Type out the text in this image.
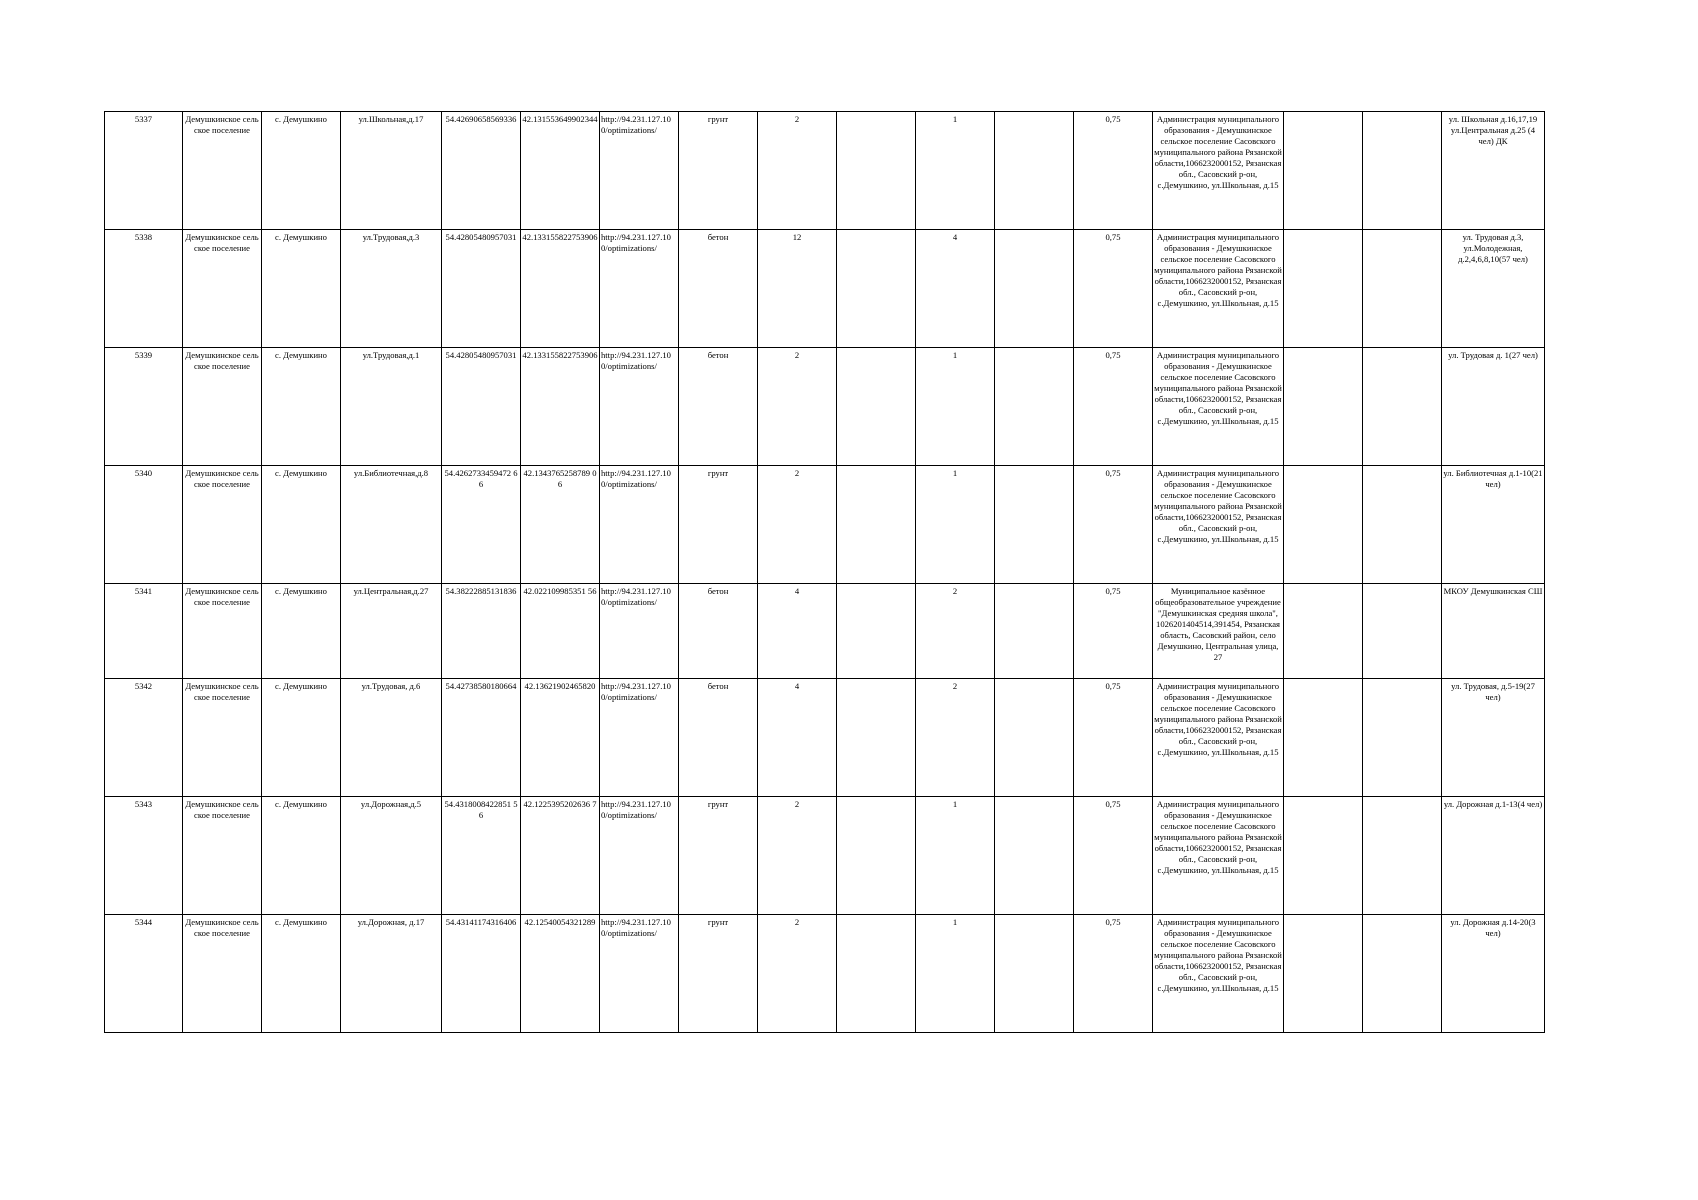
5337	Демушкинское сельское поселение	с. Демушкино	ул.Школьная,д.17	54.42690658569336	42.131553649902344	http://94.231.127.100/optimizations/	грунт	2		1		0,75	Администрация муниципального образования - Демушкинское сельское поселение Сасовского муниципального района Рязанской области,1066232000152, Рязанская обл., Сасовский р-он, с.Демушкино, ул.Школьная, д.15			ул. Школьная д.16,17,19 ул.Центральная д.25 (4 чел) ДК
5338	Демушкинское сельское поселение	с. Демушкино	ул.Трудовая,д.3	54.42805480957031	42.133155822753906	http://94.231.127.100/optimizations/	бетон	12		4		0,75	Администрация муниципального образования - Демушкинское сельское поселение Сасовского муниципального района Рязанской области,1066232000152, Рязанская обл., Сасовский р-он, с.Демушкино, ул.Школьная, д.15			ул. Трудовая д.3, ул.Молодежная, д.2,4,6,8,10(57 чел)
5339	Демушкинское сельское поселение	с. Демушкино	ул.Трудовая,д.1	54.42805480957031	42.133155822753906	http://94.231.127.100/optimizations/	бетон	2		1		0,75	Администрация муниципального образования - Демушкинское сельское поселение Сасовского муниципального района Рязанской области,1066232000152, Рязанская обл., Сасовский р-он, с.Демушкино, ул.Школьная, д.15			ул. Трудовая д. 1(27 чел)
5340	Демушкинское сельское поселение	с. Демушкино	ул.Библиотечная,д.8	54.4262733459472 66	42.1343765258789 06	http://94.231.127.100/optimizations/	грунт	2		1		0,75	Администрация муниципального образования - Демушкинское сельское поселение Сасовского муниципального района Рязанской области,1066232000152, Рязанская обл., Сасовский р-он, с.Демушкино, ул.Школьная, д.15			ул. Библиотечная д.1-10(21 чел)
5341	Демушкинское сельское поселение	с. Демушкино	ул.Центральная,д.27	54.38222885131836	42.022109985351 56	http://94.231.127.100/optimizations/	бетон	4		2		0,75	Муниципальное казённое общеобразовательное учреждение "Демушкинская средняя школа", 1026201404514,391454, Рязанская область, Сасовский район, село Демушкино, Центральная улица, 27			МКОУ Демушкинская СШ
5342	Демушкинское сельское поселение	с. Демушкино	ул.Трудовая, д.6	54.42738580180664	42.13621902465820	http://94.231.127.100/optimizations/	бетон	4		2		0,75	Администрация муниципального образования - Демушкинское сельское поселение Сасовского муниципального района Рязанской области,1066232000152, Рязанская обл., Сасовский р-он, с.Демушкино, ул.Школьная, д.15			ул. Трудовая, д.5-19(27 чел)
5343	Демушкинское сельское поселение	с. Демушкино	ул.Дорожная,д.5	54.4318008422851 56	42.1225395202636 7	http://94.231.127.100/optimizations/	грунт	2		1		0,75	Администрация муниципального образования - Демушкинское сельское поселение Сасовского муниципального района Рязанской области,1066232000152, Рязанская обл., Сасовский р-он, с.Демушкино, ул.Школьная, д.15			ул. Дорожная д.1-13(4 чел)
5344	Демушкинское сельское поселение	с. Демушкино	ул.Дорожная, д.17	54.43141174316406	42.12540054321289	http://94.231.127.100/optimizations/	грунт	2		1		0,75	Администрация муниципального образования - Демушкинское сельское поселение Сасовского муниципального района Рязанской области,1066232000152, Рязанская обл., Сасовский р-он, с.Демушкино, ул.Школьная, д.15			ул. Дорожная д.14-20(3 чел)
